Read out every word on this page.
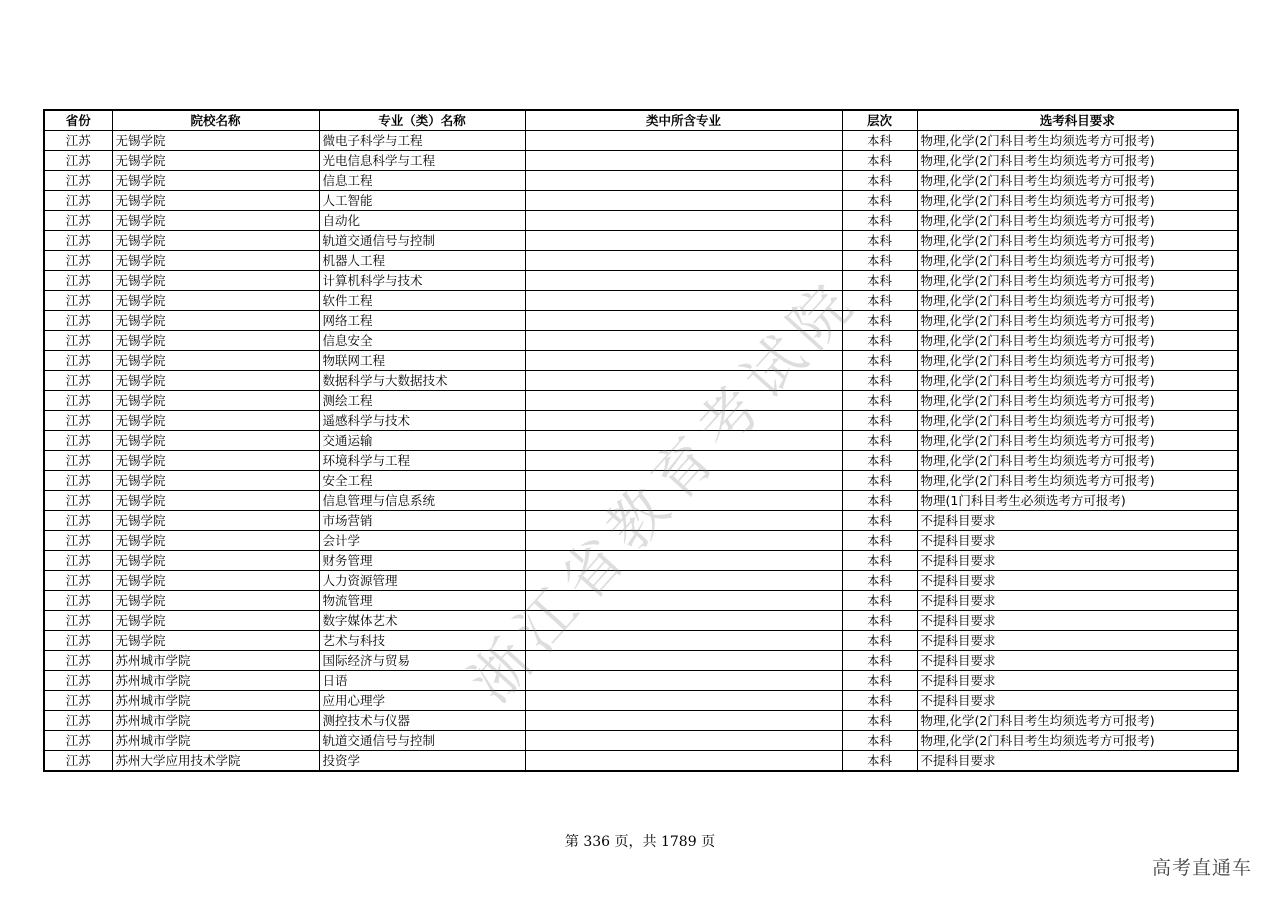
省份	院校名称	专业（类）名称	类中所含专业	层次	选考科目要求
江苏	无锡学院	微电子科学与工程		本科	物理,化学(2门科目考生均须选考方可报考)
江苏	无锡学院	光电信息科学与工程		本科	物理,化学(2门科目考生均须选考方可报考)
江苏	无锡学院	信息工程		本科	物理,化学(2门科目考生均须选考方可报考)
江苏	无锡学院	人工智能		本科	物理,化学(2门科目考生均须选考方可报考)
江苏	无锡学院	自动化		本科	物理,化学(2门科目考生均须选考方可报考)
江苏	无锡学院	轨道交通信号与控制		本科	物理,化学(2门科目考生均须选考方可报考)
江苏	无锡学院	机器人工程		本科	物理,化学(2门科目考生均须选考方可报考)
江苏	无锡学院	计算机科学与技术		本科	物理,化学(2门科目考生均须选考方可报考)
江苏	无锡学院	软件工程		本科	物理,化学(2门科目考生均须选考方可报考)
江苏	无锡学院	网络工程		本科	物理,化学(2门科目考生均须选考方可报考)
江苏	无锡学院	信息安全		本科	物理,化学(2门科目考生均须选考方可报考)
江苏	无锡学院	物联网工程		本科	物理,化学(2门科目考生均须选考方可报考)
江苏	无锡学院	数据科学与大数据技术		本科	物理,化学(2门科目考生均须选考方可报考)
江苏	无锡学院	测绘工程		本科	物理,化学(2门科目考生均须选考方可报考)
江苏	无锡学院	遥感科学与技术		本科	物理,化学(2门科目考生均须选考方可报考)
江苏	无锡学院	交通运输		本科	物理,化学(2门科目考生均须选考方可报考)
江苏	无锡学院	环境科学与工程		本科	物理,化学(2门科目考生均须选考方可报考)
江苏	无锡学院	安全工程		本科	物理,化学(2门科目考生均须选考方可报考)
江苏	无锡学院	信息管理与信息系统		本科	物理(1门科目考生必须选考方可报考)
江苏	无锡学院	市场营销		本科	不提科目要求
江苏	无锡学院	会计学		本科	不提科目要求
江苏	无锡学院	财务管理		本科	不提科目要求
江苏	无锡学院	人力资源管理		本科	不提科目要求
江苏	无锡学院	物流管理		本科	不提科目要求
江苏	无锡学院	数字媒体艺术		本科	不提科目要求
江苏	无锡学院	艺术与科技		本科	不提科目要求
江苏	苏州城市学院	国际经济与贸易		本科	不提科目要求
江苏	苏州城市学院	日语		本科	不提科目要求
江苏	苏州城市学院	应用心理学		本科	不提科目要求
江苏	苏州城市学院	测控技术与仪器		本科	物理,化学(2门科目考生均须选考方可报考)
江苏	苏州城市学院	轨道交通信号与控制		本科	物理,化学(2门科目考生均须选考方可报考)
江苏	苏州大学应用技术学院	投资学		本科	不提科目要求
浙江省教育考试院
第 336 页，共 1789 页
高考直通车
